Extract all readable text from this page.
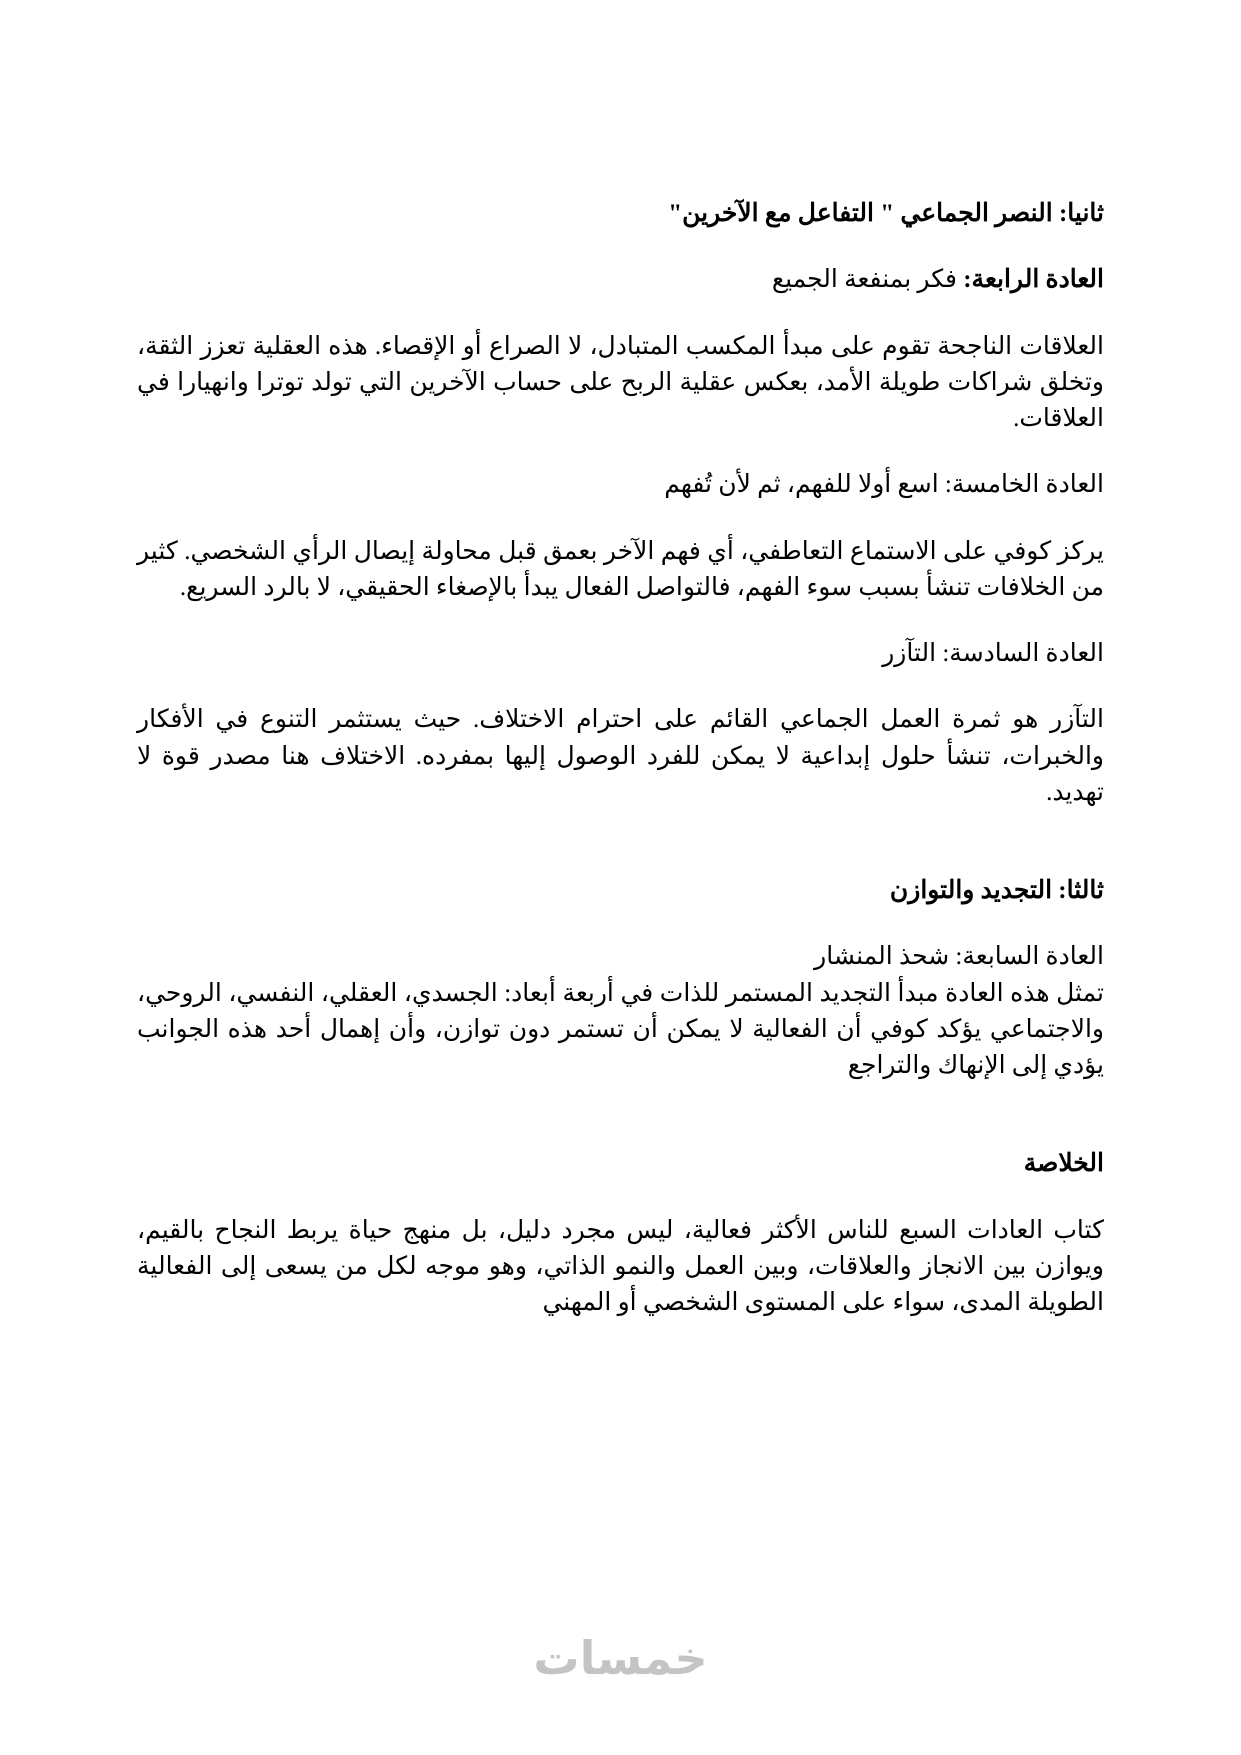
ثانيا: النصر الجماعي " التفاعل مع الآخرين"
العادة الرابعة: فكر بمنفعة الجميع
العلاقات الناجحة تقوم على مبدأ المكسب المتبادل، لا الصراع أو الإقصاء. هذه العقلية تعزز الثقة، وتخلق شراكات طويلة الأمد، بعكس عقلية الربح على حساب الآخرين التي تولد توترا وانهيارا في العلاقات.
العادة الخامسة: اسع أولا للفهم، ثم لأن تُفهم
يركز كوفي على الاستماع التعاطفي، أي فهم الآخر بعمق قبل محاولة إيصال الرأي الشخصي. كثير من الخلافات تنشأ بسبب سوء الفهم، فالتواصل الفعال يبدأ بالإصغاء الحقيقي، لا بالرد السريع.
العادة السادسة: التآزر
التآزر هو ثمرة العمل الجماعي القائم على احترام الاختلاف. حيث يستثمر التنوع في الأفكار والخبرات، تنشأ حلول إبداعية لا يمكن للفرد الوصول إليها بمفرده. الاختلاف هنا مصدر قوة لا تهديد.
ثالثا: التجديد والتوازن
العادة السابعة: شحذ المنشار
تمثل هذه العادة مبدأ التجديد المستمر للذات في أربعة أبعاد: الجسدي، العقلي، النفسي، الروحي، والاجتماعي يؤكد كوفي أن الفعالية لا يمكن أن تستمر دون توازن، وأن إهمال أحد هذه الجوانب يؤدي إلى الإنهاك والتراجع
الخلاصة
كتاب العادات السبع للناس الأكثر فعالية، ليس مجرد دليل، بل منهج حياة يربط النجاح بالقيم، ويوازن بين الانجاز والعلاقات، وبين العمل والنمو الذاتي، وهو موجه لكل من يسعى إلى الفعالية الطويلة المدى، سواء على المستوى الشخصي أو المهني
خمسات
